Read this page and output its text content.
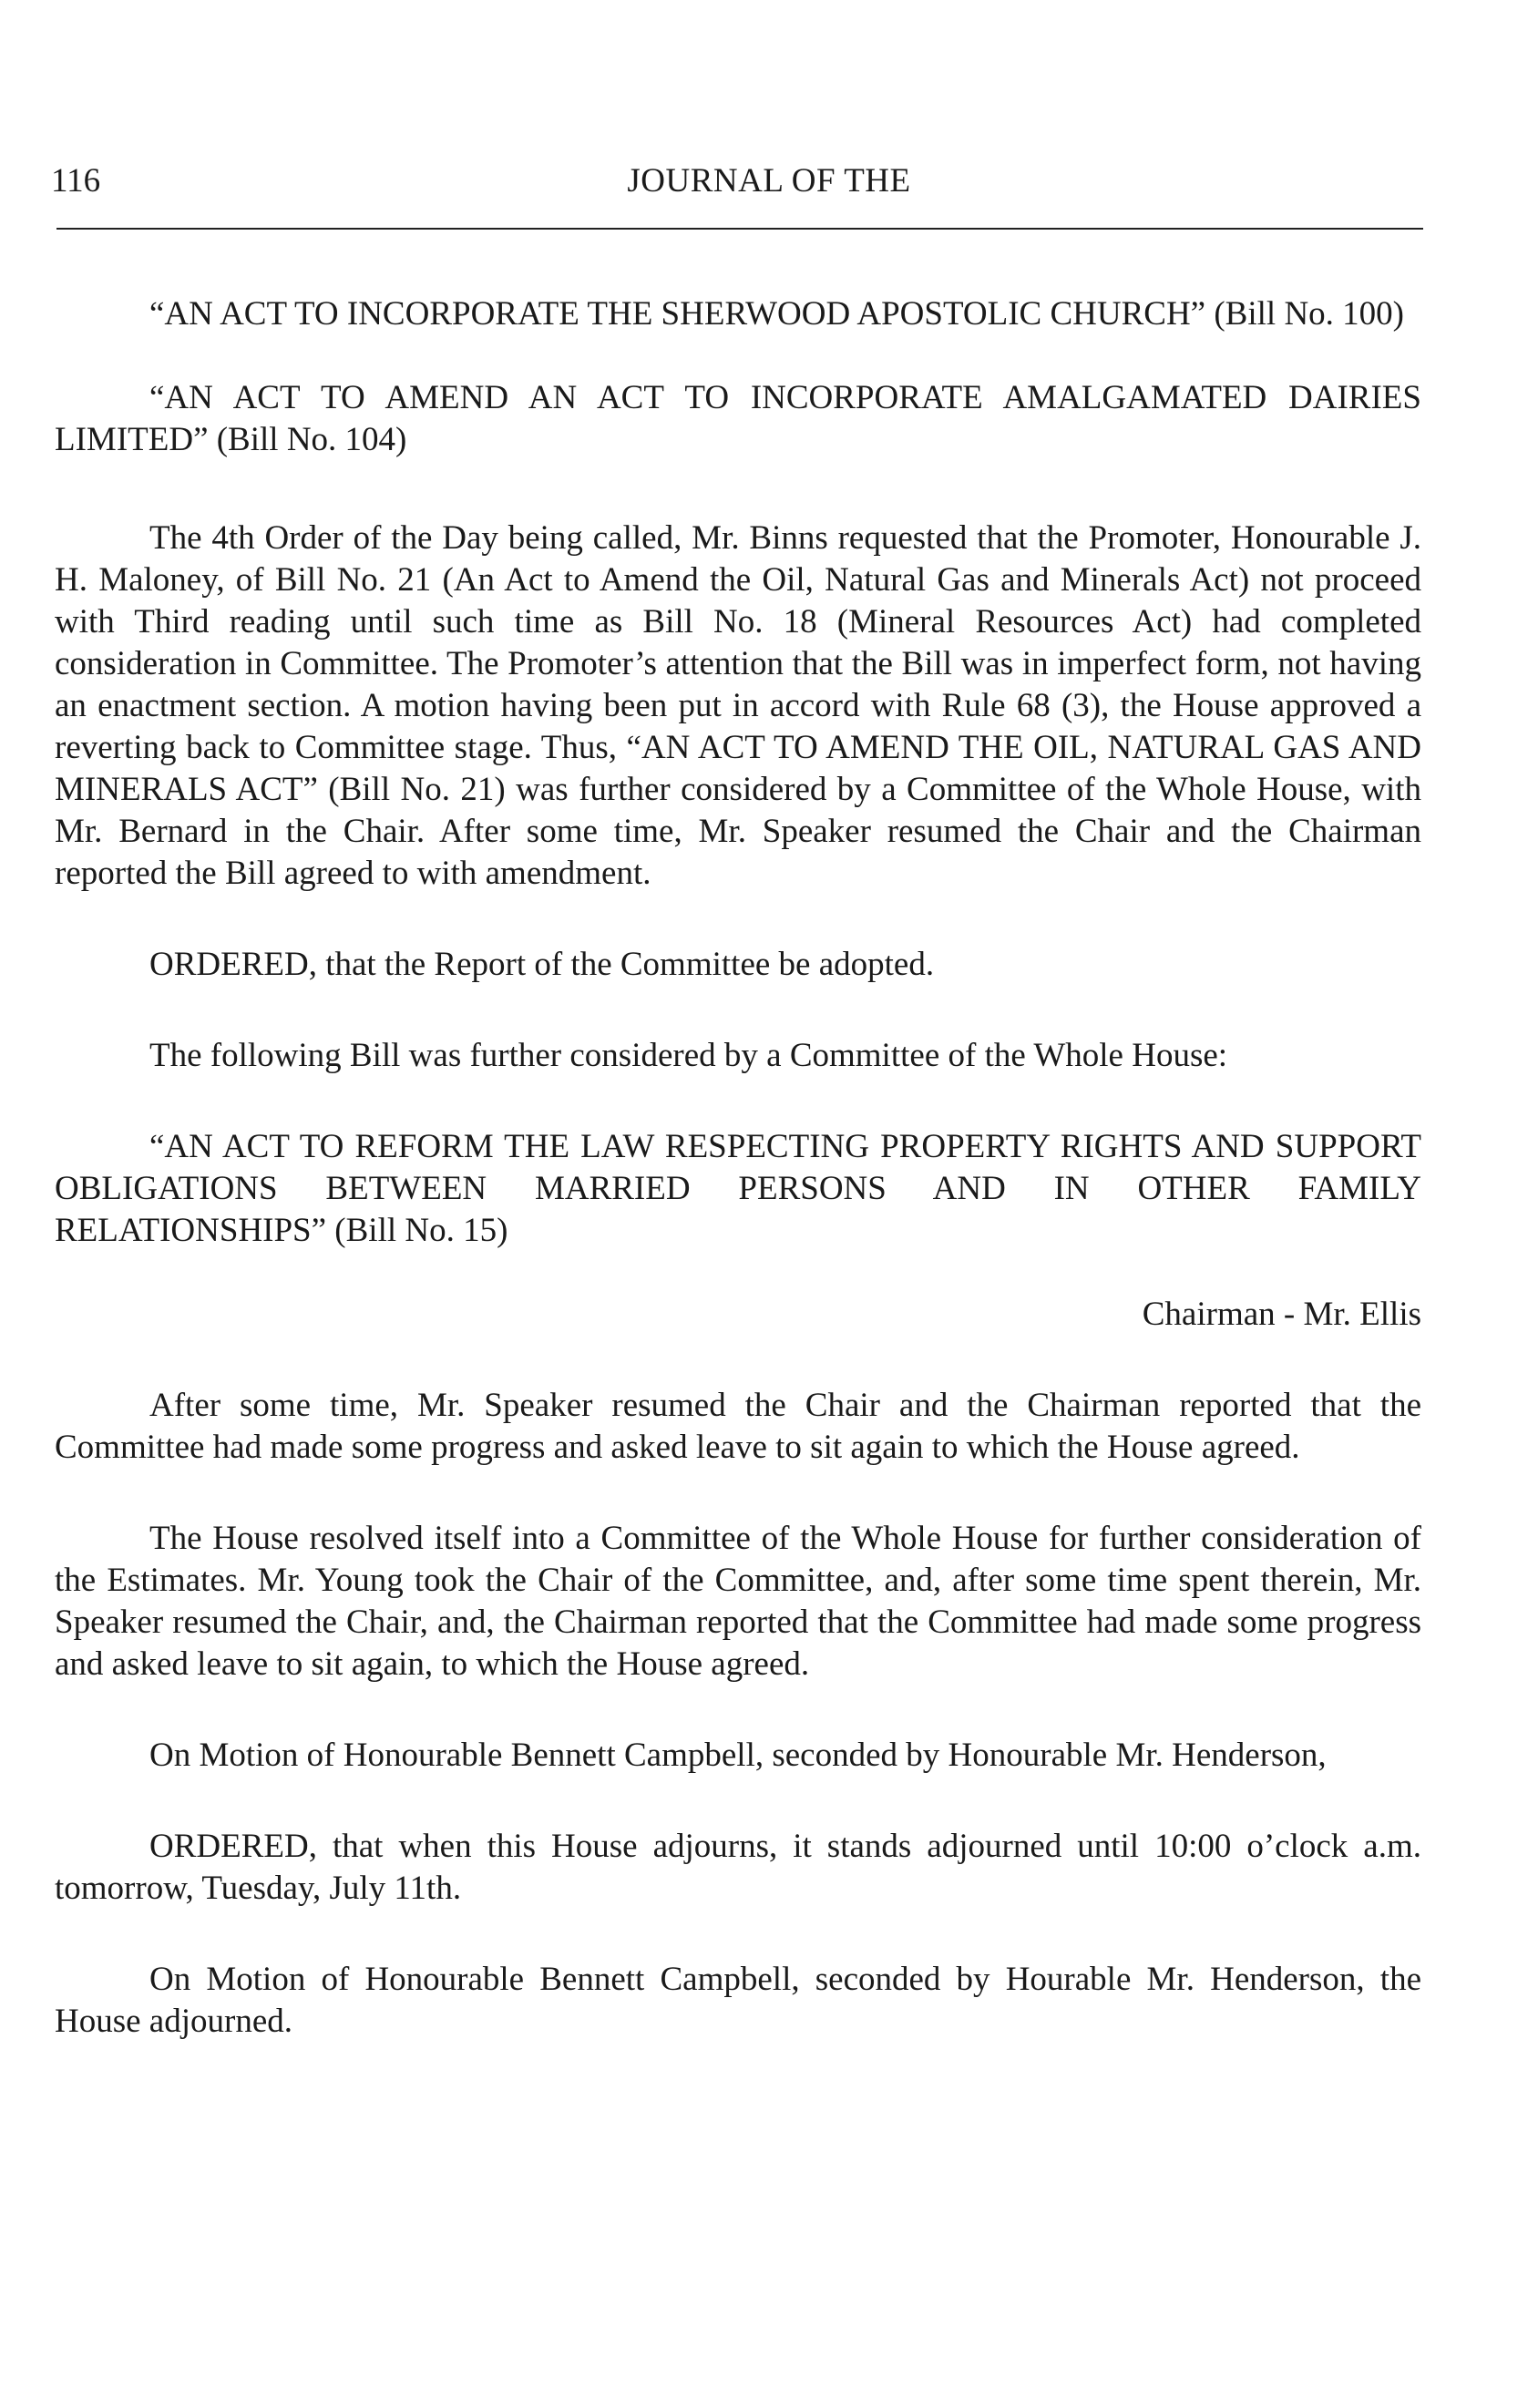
116	JOURNAL OF THE

“AN ACT TO INCORPORATE THE SHERWOOD APOSTOLIC CHURCH” (Bill No. 100)

“AN ACT TO AMEND AN ACT TO INCORPORATE AMALGAMATED DAIRIES LIMITED” (Bill No. 104)

The 4th Order of the Day being called, Mr. Binns requested that the Promoter, Honourable J. H. Maloney, of Bill No. 21 (An Act to Amend the Oil, Natural Gas and Minerals Act) not proceed with Third reading until such time as Bill No. 18 (Mineral Resources Act) had completed consideration in Committee. The Promoter’s attention that the Bill was in imperfect form, not having an enactment section. A motion having been put in accord with Rule 68 (3), the House approved a reverting back to Committee stage. Thus, “AN ACT TO AMEND THE OIL, NATURAL GAS AND MINERALS ACT” (Bill No. 21) was further considered by a Committee of the Whole House, with Mr. Bernard in the Chair. After some time, Mr. Speaker resumed the Chair and the Chairman reported the Bill agreed to with amendment.

ORDERED, that the Report of the Committee be adopted.

The following Bill was further considered by a Committee of the Whole House:

“AN ACT TO REFORM THE LAW RESPECTING PROPERTY RIGHTS AND SUPPORT OBLIGATIONS BETWEEN MARRIED PERSONS AND IN OTHER FAMILY RELATIONSHIPS” (Bill No. 15)

Chairman - Mr. Ellis

After some time, Mr. Speaker resumed the Chair and the Chairman reported that the Committee had made some progress and asked leave to sit again to which the House agreed.

The House resolved itself into a Committee of the Whole House for further consideration of the Estimates. Mr. Young took the Chair of the Committee, and, after some time spent therein, Mr. Speaker resumed the Chair, and, the Chairman reported that the Committee had made some progress and asked leave to sit again, to which the House agreed.

On Motion of Honourable Bennett Campbell, seconded by Honourable Mr. Henderson,

ORDERED, that when this House adjourns, it stands adjourned until 10:00 o’clock a.m. tomorrow, Tuesday, July 11th.

On Motion of Honourable Bennett Campbell, seconded by Hourable Mr. Henderson, the House adjourned.
